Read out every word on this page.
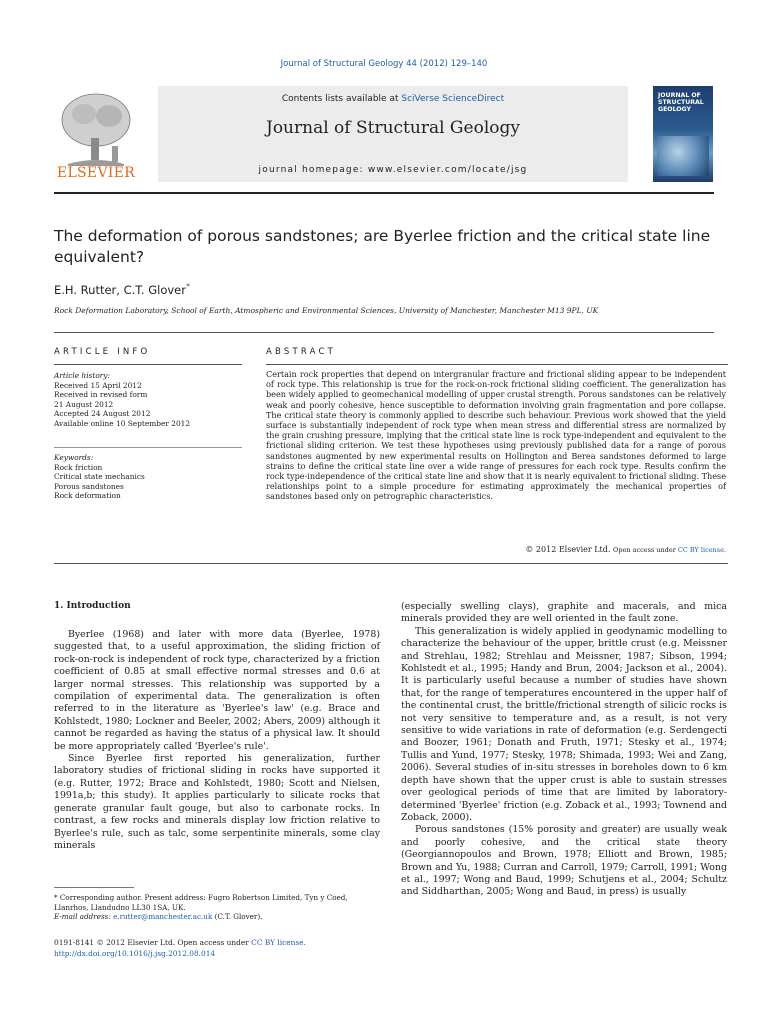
Journal of Structural Geology 44 (2012) 129–140
ELSEVIER
Contents lists available at SciVerse ScienceDirect
Journal of Structural Geology
journal homepage: www.elsevier.com/locate/jsg
JOURNAL OF STRUCTURAL GEOLOGY
The deformation of porous sandstones; are Byerlee friction and the critical state line equivalent?
E.H. Rutter, C.T. Glover*
Rock Deformation Laboratory, School of Earth, Atmospheric and Environmental Sciences, University of Manchester, Manchester M13 9PL, UK
ARTICLE INFO	ABSTRACT
Article history:
Received 15 April 2012
Received in revised form
21 August 2012
Accepted 24 August 2012
Available online 10 September 2012
Keywords:
Rock friction
Critical state mechanics
Porous sandstones
Rock deformation
Certain rock properties that depend on intergranular fracture and frictional sliding appear to be independent of rock type. This relationship is true for the rock-on-rock frictional sliding coefficient. The generalization has been widely applied to geomechanical modelling of upper crustal strength. Porous sandstones can be relatively weak and poorly cohesive, hence susceptible to deformation involving grain fragmentation and pore collapse. The critical state theory is commonly applied to describe such behaviour. Previous work showed that the yield surface is substantially independent of rock type when mean stress and differential stress are normalized by the grain crushing pressure, implying that the critical state line is rock type-independent and equivalent to the frictional sliding criterion. We test these hypotheses using previously published data for a range of porous sandstones augmented by new experimental results on Hollington and Berea sandstones deformed to large strains to define the critical state line over a wide range of pressures for each rock type. Results confirm the rock type-independence of the critical state line and show that it is nearly equivalent to frictional sliding. These relationships point to a simple procedure for estimating approximately the mechanical properties of sandstones based only on petrographic characteristics.
© 2012 Elsevier Ltd. Open access under CC BY license.
1. Introduction

Byerlee (1968) and later with more data (Byerlee, 1978) suggested that, to a useful approximation, the sliding friction of rock-on-rock is independent of rock type, characterized by a friction coefficient of 0.85 at small effective normal stresses and 0.6 at larger normal stresses. This relationship was supported by a compilation of experimental data. The generalization is often referred to in the literature as 'Byerlee's law' (e.g. Brace and Kohlstedt, 1980; Lockner and Beeler, 2002; Abers, 2009) although it cannot be regarded as having the status of a physical law. It should be more appropriately called 'Byerlee's rule'.

Since Byerlee first reported his generalization, further laboratory studies of frictional sliding in rocks have supported it (e.g. Rutter, 1972; Brace and Kohlstedt, 1980; Scott and Nielsen, 1991a,b; this study). It applies particularly to silicate rocks that generate granular fault gouge, but also to carbonate rocks. In contrast, a few rocks and minerals display low friction relative to Byerlee's rule, such as talc, some serpentinite minerals, some clay minerals

(especially swelling clays), graphite and macerals, and mica minerals provided they are well oriented in the fault zone.

This generalization is widely applied in geodynamic modelling to characterize the behaviour of the upper, brittle crust (e.g. Meissner and Strehlau, 1982; Strehlau and Meissner, 1987; Sibson, 1994; Kohlstedt et al., 1995; Handy and Brun, 2004; Jackson et al., 2004). It is particularly useful because a number of studies have shown that, for the range of temperatures encountered in the upper half of the continental crust, the brittle/frictional strength of silicic rocks is not very sensitive to temperature and, as a result, is not very sensitive to wide variations in rate of deformation (e.g. Serdengecti and Boozer, 1961; Donath and Fruth, 1971; Stesky et al., 1974; Tullis and Yund, 1977; Stesky, 1978; Shimada, 1993; Wei and Zang, 2006). Several studies of in-situ stresses in boreholes down to 6 km depth have shown that the upper crust is able to sustain stresses over geological periods of time that are limited by laboratory-determined 'Byerlee' friction (e.g. Zoback et al., 1993; Townend and Zoback, 2000).

Porous sandstones (15% porosity and greater) are usually weak and poorly cohesive, and the critical state theory (Georgiannopoulos and Brown, 1978; Elliott and Brown, 1985; Brown and Yu, 1988; Curran and Carroll, 1979; Carroll, 1991; Wong et al., 1997; Wong and Baud, 1999; Schutjens et al., 2004; Schultz and Siddharthan, 2005; Wong and Baud, in press) is usually

* Corresponding author. Present address: Fugro Robertson Limited, Tyn y Coed, Llanrhos, Llandudno LL30 1SA, UK.
E-mail address: e.rutter@manchester.ac.uk (C.T. Glover).
0191-8141 © 2012 Elsevier Ltd. Open access under CC BY license.
http://dx.doi.org/10.1016/j.jsg.2012.08.014
